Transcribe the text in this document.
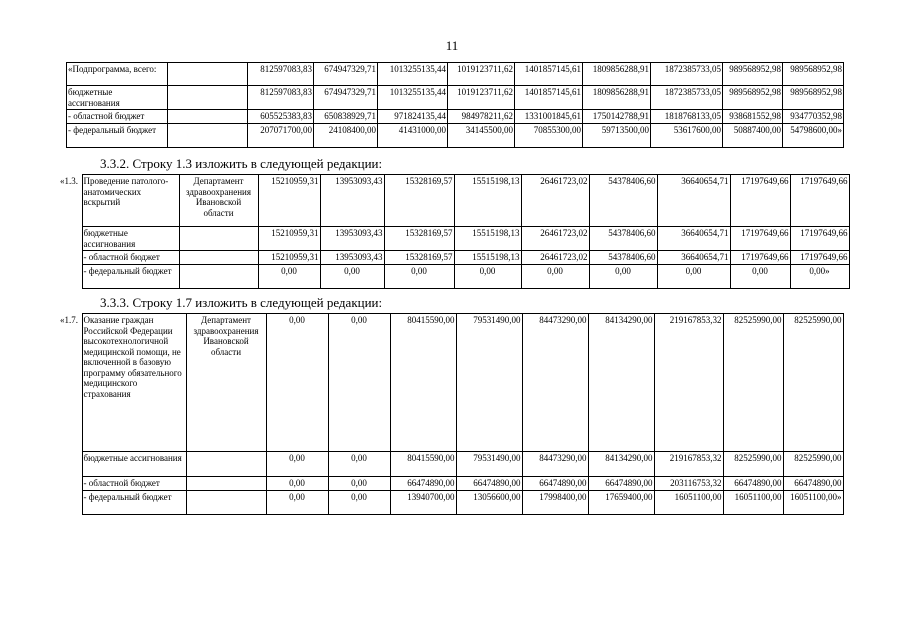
11
«Подпрограмма, всего:		812597083,83	674947329,71	1013255135,44	1019123711,62	1401857145,61	1809856288,91	1872385733,05	989568952,98	989568952,98
бюджетные ассигнования		812597083,83	674947329,71	1013255135,44	1019123711,62	1401857145,61	1809856288,91	1872385733,05	989568952,98	989568952,98
- областной бюджет		605525383,83	650838929,71	971824135,44	984978211,62	1331001845,61	1750142788,91	1818768133,05	938681552,98	934770352,98
- федеральный бюджет		207071700,00	24108400,00	41431000,00	34145500,00	70855300,00	59713500,00	53617600,00	50887400,00	54798600,00»
3.3.2. Строку 1.3 изложить в следующей редакции:
«1.3.	Проведение патолого-анатомических вскрытий	Департамент здравоохранения Ивановской области	15210959,31	13953093,43	15328169,57	15515198,13	26461723,02	54378406,60	36640654,71	17197649,66	17197649,66
	бюджетные ассигнования		15210959,31	13953093,43	15328169,57	15515198,13	26461723,02	54378406,60	36640654,71	17197649,66	17197649,66
	- областной бюджет		15210959,31	13953093,43	15328169,57	15515198,13	26461723,02	54378406,60	36640654,71	17197649,66	17197649,66
	- федеральный бюджет		0,00	0,00	0,00	0,00	0,00	0,00	0,00	0,00	0,00»
3.3.3. Строку 1.7 изложить в следующей редакции:
«1.7.	Оказание граждан Российской Федерации высокотехнологичной медицинской помощи, не включенной в базовую программу обязательного медицинского страхования	Департамент здравоохранения Ивановской области	0,00	0,00	80415590,00	79531490,00	84473290,00	84134290,00	219167853,32	82525990,00	82525990,00
	бюджетные ассигнования		0,00	0,00	80415590,00	79531490,00	84473290,00	84134290,00	219167853,32	82525990,00	82525990,00
	- областной бюджет		0,00	0,00	66474890,00	66474890,00	66474890,00	66474890,00	203116753,32	66474890,00	66474890,00
	- федеральный бюджет		0,00	0,00	13940700,00	13056600,00	17998400,00	17659400,00	16051100,00	16051100,00	16051100,00»
